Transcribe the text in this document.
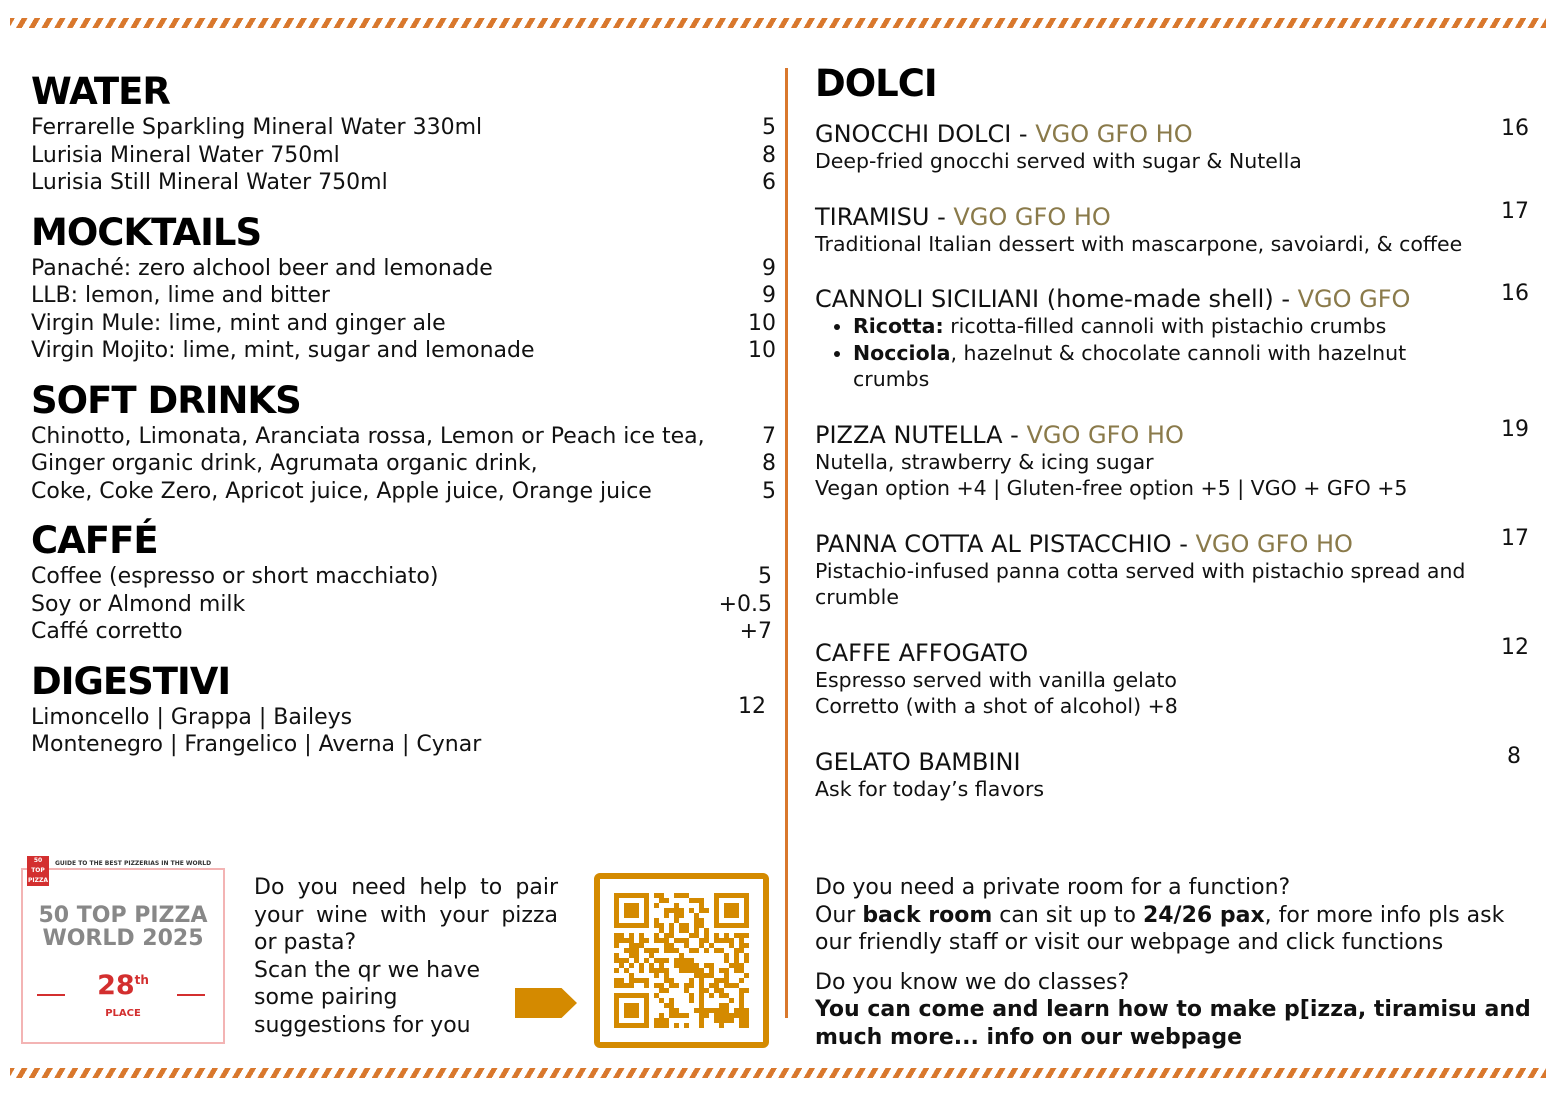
WATER
Ferrarelle Sparkling Mineral Water 330ml	5
Lurisia Mineral Water 750ml	8
Lurisia Still Mineral Water 750ml	6
MOCKTAILS
Panaché: zero alchool beer and lemonade	9
LLB: lemon, lime and bitter	9
Virgin Mule: lime, mint and ginger ale	10
Virgin Mojito: lime, mint, sugar and lemonade	10
SOFT DRINKS
Chinotto, Limonata, Aranciata rossa, Lemon or Peach ice tea,	7
Ginger organic drink, Agrumata organic drink,	8
Coke, Coke Zero, Apricot juice, Apple juice, Orange juice	5
CAFFÉ
Coffee (espresso or short macchiato)	5
Soy or Almond milk	+0.5
Caffé corretto	+7
DIGESTIVI
12
Limoncello | Grappa | Baileys
Montenegro | Frangelico | Averna | Cynar
50 TOP PIZZA
GUIDE TO THE BEST PIZZERIAS IN THE WORLD
50 TOP PIZZA
WORLD 2025
28th
PLACE
Do you need help to pair your wine with your pizza or pasta?
Scan the qr we have some pairing suggestions for you
DOLCI
GNOCCHI DOLCI - VGO GFO HO	16
Deep-fried gnocchi served with sugar & Nutella
TIRAMISU - VGO GFO HO	17
Traditional Italian dessert with mascarpone, savoiardi, & coffee
CANNOLI SICILIANI (home-made shell) - VGO GFO	16
• Ricotta: ricotta-filled cannoli with pistachio crumbs
• Nocciola, hazelnut & chocolate cannoli with hazelnut crumbs
PIZZA NUTELLA - VGO GFO HO	19
Nutella, strawberry & icing sugar
Vegan option +4 | Gluten-free option +5 | VGO + GFO +5
PANNA COTTA AL PISTACCHIO - VGO GFO HO	17
Pistachio-infused panna cotta served with pistachio spread and crumble
CAFFE AFFOGATO	12
Espresso served with vanilla gelato
Corretto (with a shot of alcohol) +8
GELATO BAMBINI	8
Ask for today’s flavors

Do you need a private room for a function?
Our back room can sit up to 24/26 pax, for more info pls ask our friendly staff or visit our webpage and click functions

Do you know we do classes?
You can come and learn how to make p[izza, tiramisu and much more... info on our webpage
